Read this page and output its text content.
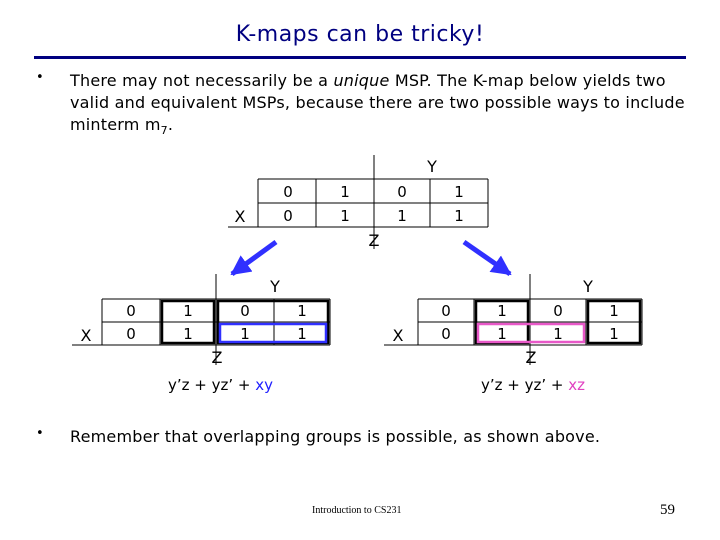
K-maps can be tricky!
• There may not necessarily be a unique MSP. The K-map below yields two valid and equivalent MSPs, because there are two possible ways to include minterm $m_7$.
0	1	0	1
0	1	1	1
X
Y
Z
0	1	0	1
0	1	1	1
X
Y
Z
0	1	0	1
0	1	1	1
X
Y
Z
y’z + yz’ + xy	y’z + yz’ + xz
• Remember that overlapping groups is possible, as shown above.
Introduction to CS231	59
